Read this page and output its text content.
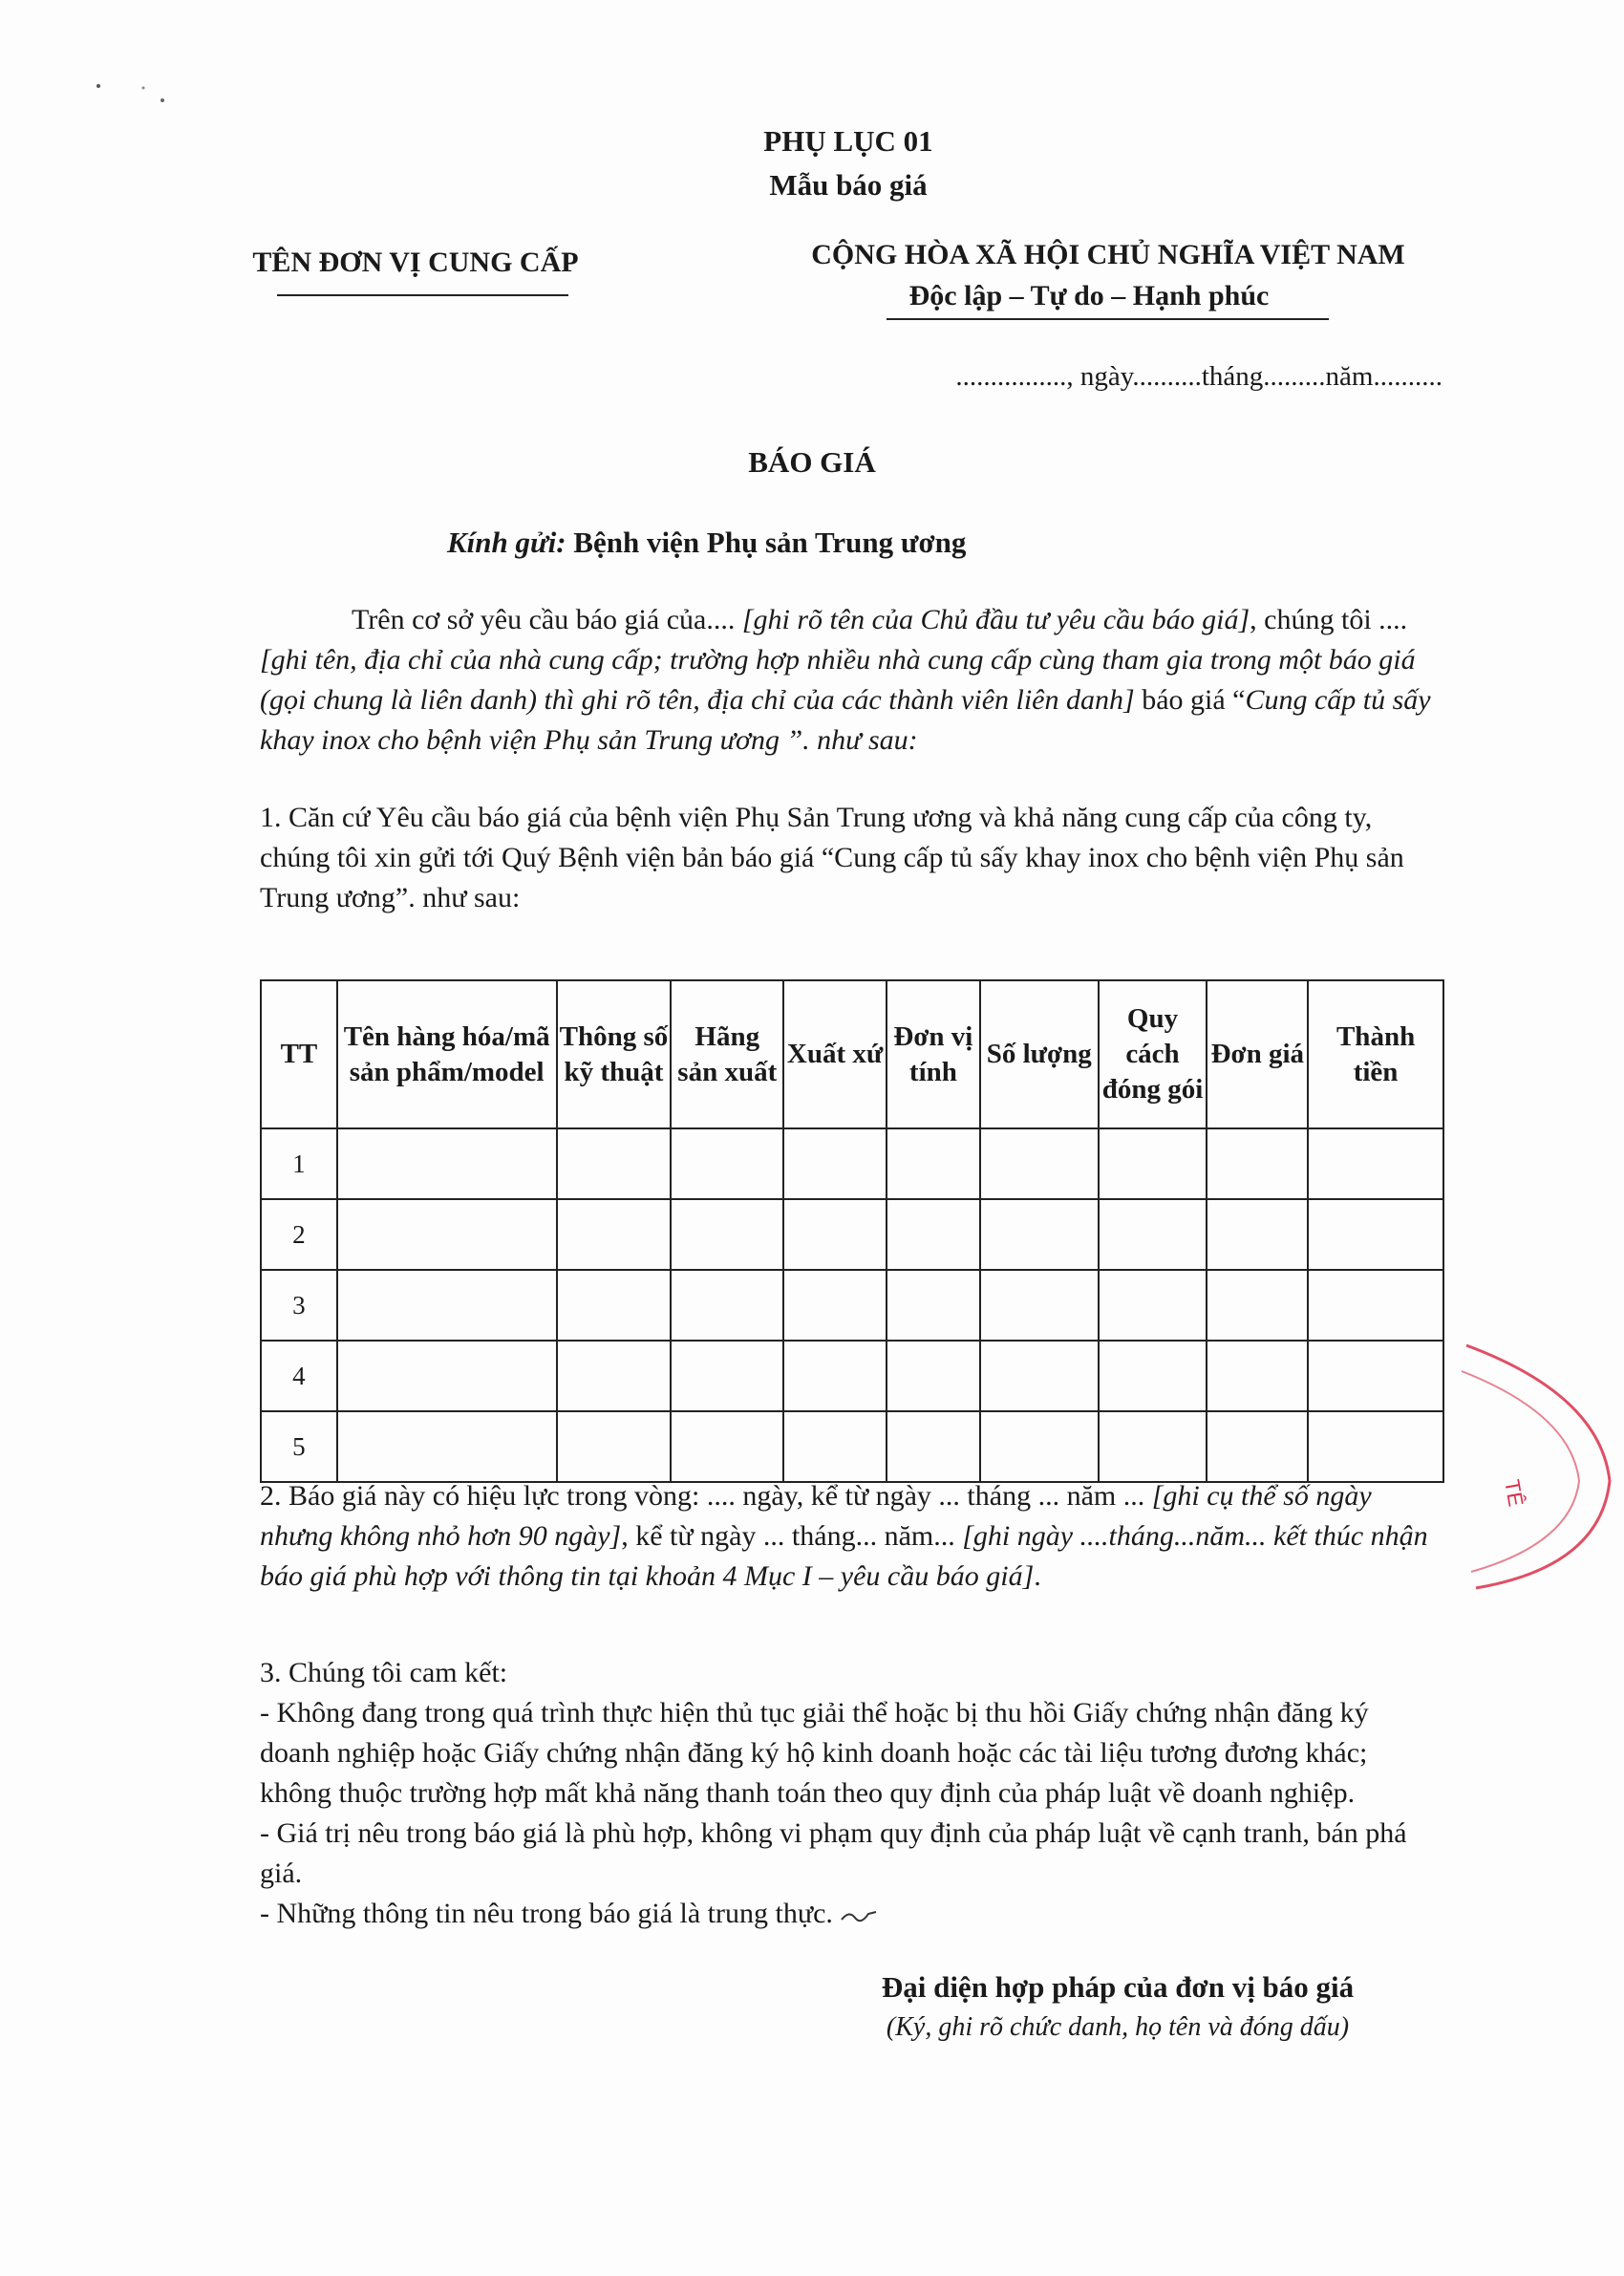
PHỤ LỤC 01
Mẫu báo giá
TÊN ĐƠN VỊ CUNG CẤP	CỘNG HÒA XÃ HỘI CHỦ NGHĨA VIỆT NAM
Độc lập – Tự do – Hạnh phúc
................, ngày..........tháng.........năm..........
BÁO GIÁ
Kính gửi: Bệnh viện Phụ sản Trung ương
Trên cơ sở yêu cầu báo giá của.... [ghi rõ tên của Chủ đầu tư yêu cầu báo giá], chúng tôi .... [ghi tên, địa chỉ của nhà cung cấp; trường hợp nhiều nhà cung cấp cùng tham gia trong một báo giá (gọi chung là liên danh) thì ghi rõ tên, địa chỉ của các thành viên liên danh] báo giá “Cung cấp tủ sấy khay inox cho bệnh viện Phụ sản Trung ương ”. như sau:
1. Căn cứ Yêu cầu báo giá của bệnh viện Phụ Sản Trung ương và khả năng cung cấp của công ty, chúng tôi xin gửi tới Quý Bệnh viện bản báo giá “Cung cấp tủ sấy khay inox cho bệnh viện Phụ sản Trung ương”. như sau:
TT	Tên hàng hóa/mã sản phẩm/model	Thông số kỹ thuật	Hãng sản xuất	Xuất xứ	Đơn vị tính	Số lượng	Quy cách đóng gói	Đơn giá	Thành tiền
1									
2									
3									
4									
5									
2. Báo giá này có hiệu lực trong vòng: .... ngày, kể từ ngày ... tháng ... năm ... [ghi cụ thể số ngày nhưng không nhỏ hơn 90 ngày], kể từ ngày ... tháng... năm... [ghi ngày ....tháng...năm... kết thúc nhận báo giá phù hợp với thông tin tại khoản 4 Mục I – yêu cầu báo giá].
3. Chúng tôi cam kết:
- Không đang trong quá trình thực hiện thủ tục giải thể hoặc bị thu hồi Giấy chứng nhận đăng ký doanh nghiệp hoặc Giấy chứng nhận đăng ký hộ kinh doanh hoặc các tài liệu tương đương khác; không thuộc trường hợp mất khả năng thanh toán theo quy định của pháp luật về doanh nghiệp.
- Giá trị nêu trong báo giá là phù hợp, không vi phạm quy định của pháp luật về cạnh tranh, bán phá giá.
- Những thông tin nêu trong báo giá là trung thực.
Đại diện hợp pháp của đơn vị báo giá
(Ký, ghi rõ chức danh, họ tên và đóng dấu)
TÊ
